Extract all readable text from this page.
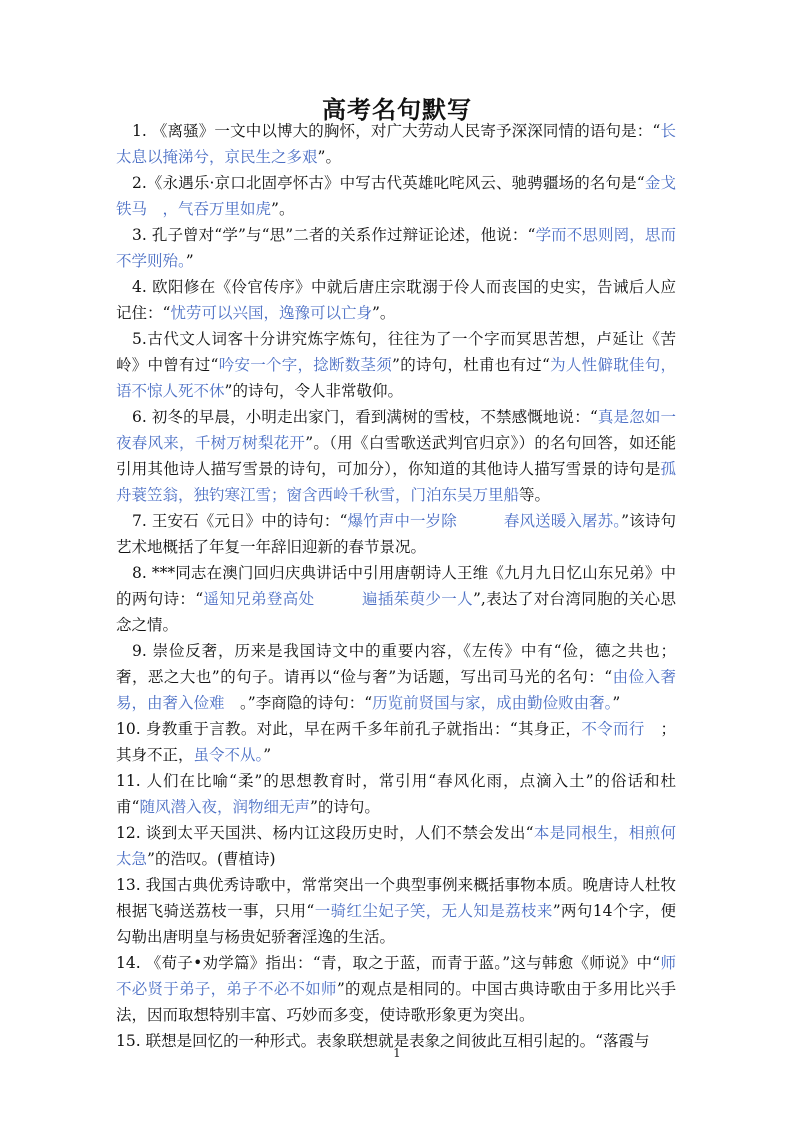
高考名句默写

1. 《离骚》一文中以博大的胸怀，对广大劳动人民寄予深深同情的语句是：“长太息以掩涕兮，京民生之多艰”。

2.《永遇乐·京口北固亭怀古》中写古代英雄叱咤风云、驰骋疆场的名句是“金戈铁马　，气吞万里如虎”。

3. 孔子曾对“学”与“思”二者的关系作过辩证论述，他说：“学而不思则罔，思而不学则殆。”

4. 欧阳修在《伶官传序》中就后唐庄宗耽溺于伶人而丧国的史实，告诫后人应记住：“忧劳可以兴国，逸豫可以亡身”。

5.古代文人词客十分讲究炼字炼句，往往为了一个字而冥思苦想，卢延让《苦岭》中曾有过“吟安一个字，捻断数茎须”的诗句，杜甫也有过“为人性僻耽佳句，语不惊人死不休”的诗句，令人非常敬仰。

6. 初冬的早晨，小明走出家门，看到满树的雪枝，不禁感慨地说：“真是忽如一夜春风来，千树万树梨花开”。（用《白雪歌送武判官归京》）的名句回答，如还能引用其他诗人描写雪景的诗句，可加分），你知道的其他诗人描写雪景的诗句是孤舟蓑笠翁，独钓寒江雪；窗含西岭千秋雪，门泊东吴万里船等。

7. 王安石《元日》中的诗句：“爆竹声中一岁除　　　春风送暖入屠苏。”该诗句艺术地概括了年复一年辞旧迎新的春节景况。

8. ***同志在澳门回归庆典讲话中引用唐朝诗人王维《九月九日忆山东兄弟》中的两句诗：“遥知兄弟登高处　　　遍插茱萸少一人”,表达了对台湾同胞的关心思念之情。

9. 崇俭反奢，历来是我国诗文中的重要内容，《左传》中有“俭，德之共也；奢，恶之大也”的句子。请再以“俭与奢”为话题，写出司马光的名句：“由俭入奢易，由奢入俭难　。”李商隐的诗句：“历览前贤国与家，成由勤俭败由奢。”

10. 身教重于言教。对此，早在两千多年前孔子就指出：“其身正，不令而行　；其身不正，虽令不从。”

11. 人们在比喻“柔”的思想教育时，常引用“春风化雨，点滴入土”的俗话和杜甫“随风潜入夜，润物细无声”的诗句。

12. 谈到太平天国洪、杨内讧这段历史时，人们不禁会发出“本是同根生，相煎何太急”的浩叹。(曹植诗)

13. 我国古典优秀诗歌中，常常突出一个典型事例来概括事物本质。晚唐诗人杜牧根据飞骑送荔枝一事，只用“一骑红尘妃子笑，无人知是荔枝来”两句14个字，便勾勒出唐明皇与杨贵妃骄奢淫逸的生活。

14. 《荀子•劝学篇》指出：“青，取之于蓝，而青于蓝。”这与韩愈《师说》中“师不必贤于弟子，弟子不必不如师”的观点是相同的。中国古典诗歌由于多用比兴手法，因而取想特别丰富、巧妙而多变，使诗歌形象更为突出。

15. 联想是回忆的一种形式。表象联想就是表象之间彼此互相引起的。“落霞与

1
